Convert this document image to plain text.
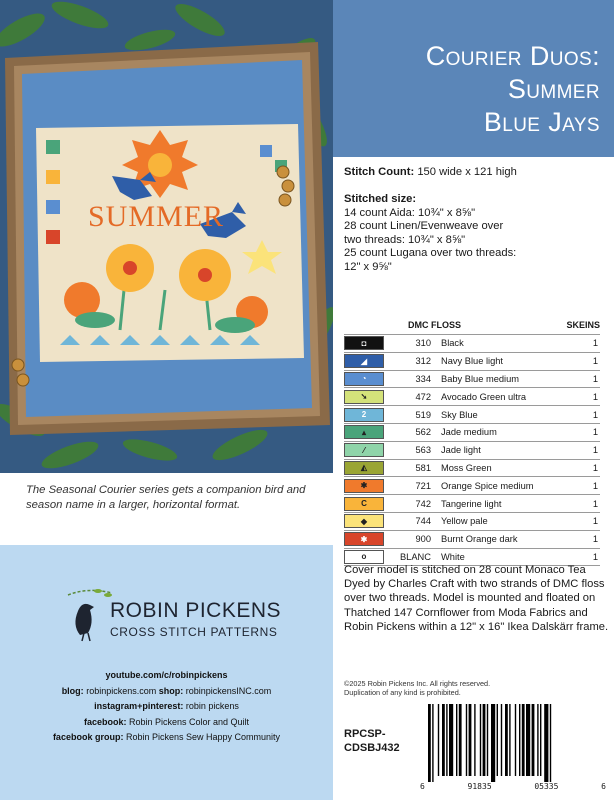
SUMMER

The Seasonal Courier series gets a companion bird and season name in a larger, horizontal format.

ROBIN PICKENS
CROSS STITCH PATTERNS
youtube.com/c/robinpickens
blog: robinpickens.com shop: robinpickensINC.com
instagram+pinterest: robin pickens
facebook: Robin Pickens Color and Quilt
facebook group: Robin Pickens Sew Happy Community
Courier Duos:
Summer
Blue Jays
Stitch Count: 150 wide x 121 high
Stitched size:
14 count Aida: 10¾" x 8⅝"
28 count Linen/Evenweave over
two threads: 10¾" x 8⅝"
25 count Lugana over two threads:
12" x 9⅝"
	DMC FLOSS		SKEINS

◘	310	Black	1

◢	312	Navy Blue light	1

◔	334	Baby Blue medium	1

➘	472	Avocado Green ultra	1

2	519	Sky Blue	1

▴	562	Jade medium	1

⁄	563	Jade light	1

◭	581	Moss Green	1

✱	721	Orange Spice medium	1

C	742	Tangerine light	1

◆	744	Yellow pale	1

✱	900	Burnt Orange dark	1

o	BLANC	White	1
Cover model is stitched on 28 count Monaco Tea Dyed by Charles Craft with two strands of DMC floss over two threads. Model is mounted and floated on Thatched 147 Cornflower from Moda Fabrics and Robin Pickens within a 12" x 16" Ikea Dalskärr frame.
©2025 Robin Pickens Inc. All rights reserved.
Duplication of any kind is prohibited.
RPCSP-
CDSBJ432
6	91835	05335	6
